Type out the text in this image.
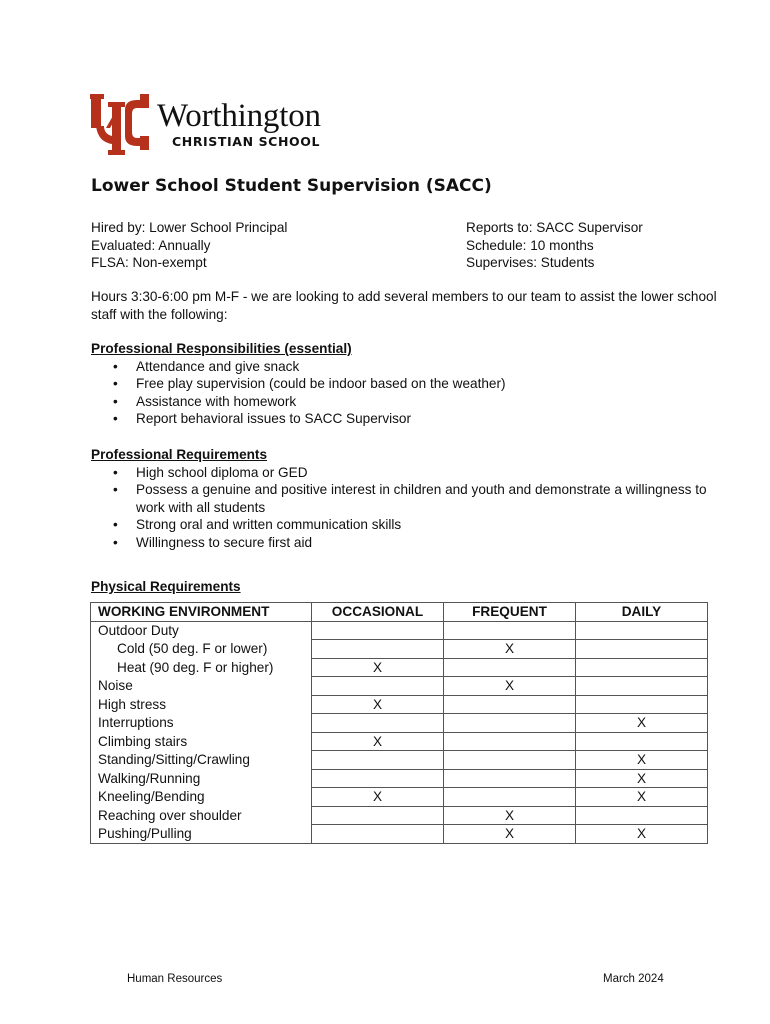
Worthington
CHRISTIAN SCHOOL
Lower School Student Supervision (SACC)
Hired by: Lower School Principal
Evaluated: Annually
FLSA: Non-exempt
Reports to: SACC Supervisor
Schedule: 10 months
Supervises: Students
Hours 3:30-6:00 pm M-F - we are looking to add several members to our team to assist the lower school staff with the following:
Professional Responsibilities (essential)
• Attendance and give snack
• Free play supervision (could be indoor based on the weather)
• Assistance with homework
• Report behavioral issues to SACC Supervisor
Professional Requirements
• High school diploma or GED
• Possess a genuine and positive interest in children and youth and demonstrate a willingness to work with all students
• Strong oral and written communication skills
• Willingness to secure first aid
Physical Requirements
WORKING ENVIRONMENT	OCCASIONAL	FREQUENT	DAILY
Outdoor Duty			
Cold (50 deg. F or lower)		X	
Heat (90 deg. F or higher)	X		
Noise		X	
High stress	X		
Interruptions			X
Climbing stairs	X		
Standing/Sitting/Crawling			X
Walking/Running			X
Kneeling/Bending	X		X
Reaching over shoulder		X	
Pushing/Pulling		X	X
Human Resources	March 2024
